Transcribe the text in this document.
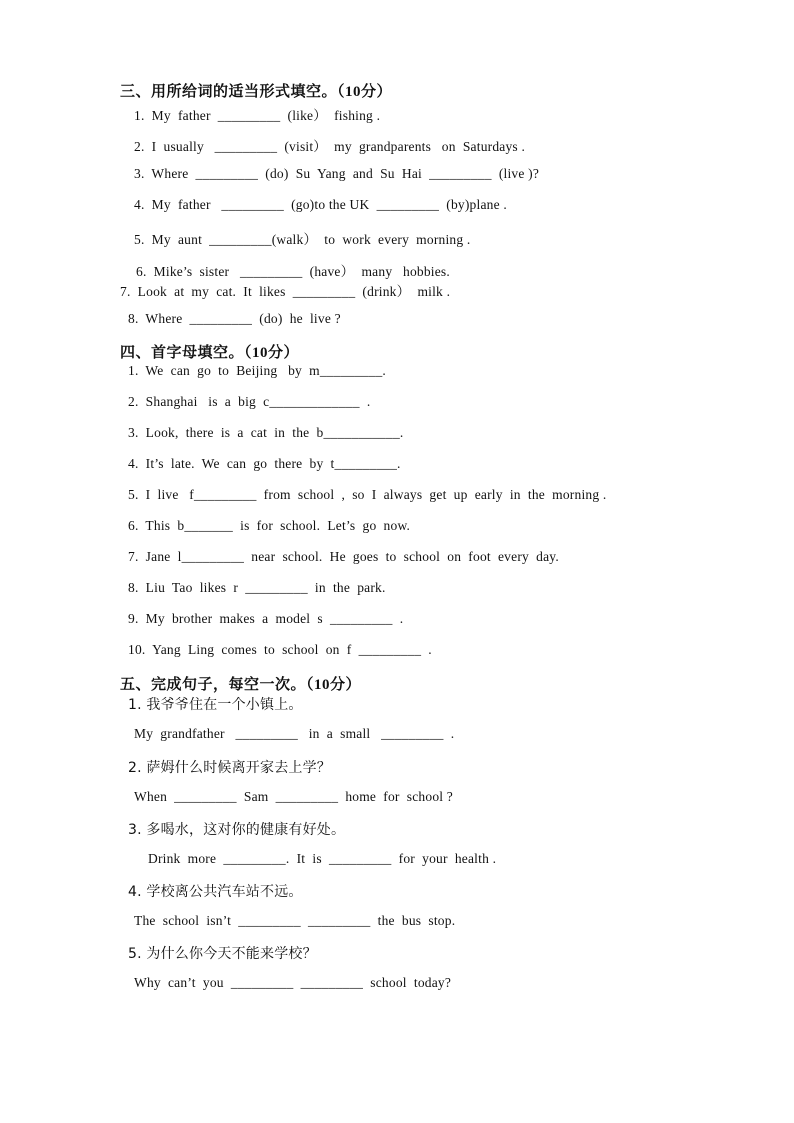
三、用所给词的适当形式填空。（10分）
1.  My  father  _________  (like）  fishing .
2.  I  usually   _________  (visit）  my  grandparents   on  Saturdays .
3.  Where  _________  (do)  Su  Yang  and  Su  Hai  _________  (live )?
4.  My  father   _________  (go)to the UK  _________  (by)plane .
5.  My  aunt  _________(walk）  to  work  every  morning .
6.  Mike’s  sister   _________  (have）  many   hobbies.
7.  Look  at  my  cat.  It  likes  _________  (drink）  milk .
8.  Where  _________  (do)  he  live ?
四、首字母填空。（10分）
1.  We  can  go  to  Beijing   by  m_________.
2.  Shanghai   is  a  big  c_____________  .
3.  Look,  there  is  a  cat  in  the  b___________.
4.  It’s  late.  We  can  go  there  by  t_________.
5.  I  live   f_________  from  school  ,  so  I  always  get  up  early  in  the  morning .
6.  This  b_______  is  for  school.  Let’s  go  now.
7.  Jane  l_________  near  school.  He  goes  to  school  on  foot  every  day.
8.  Liu  Tao  likes  r  _________  in  the  park.
9.  My  brother  makes  a  model  s  _________  .
10.  Yang  Ling  comes  to  school  on  f  _________  .
五、完成句子，每空一次。（10分）
1. 我爷爷住在一个小镇上。
My  grandfather   _________   in  a  small   _________  .
2. 萨姆什么时候离开家去上学？
When  _________  Sam  _________  home  for  school ?
3. 多喝水，这对你的健康有好处。
Drink  more  _________.  It  is  _________  for  your  health .
4. 学校离公共汽车站不远。
The  school  isn’t  _________  _________  the  bus  stop.
5. 为什么你今天不能来学校？
Why  can’t  you  _________  _________  school  today?
